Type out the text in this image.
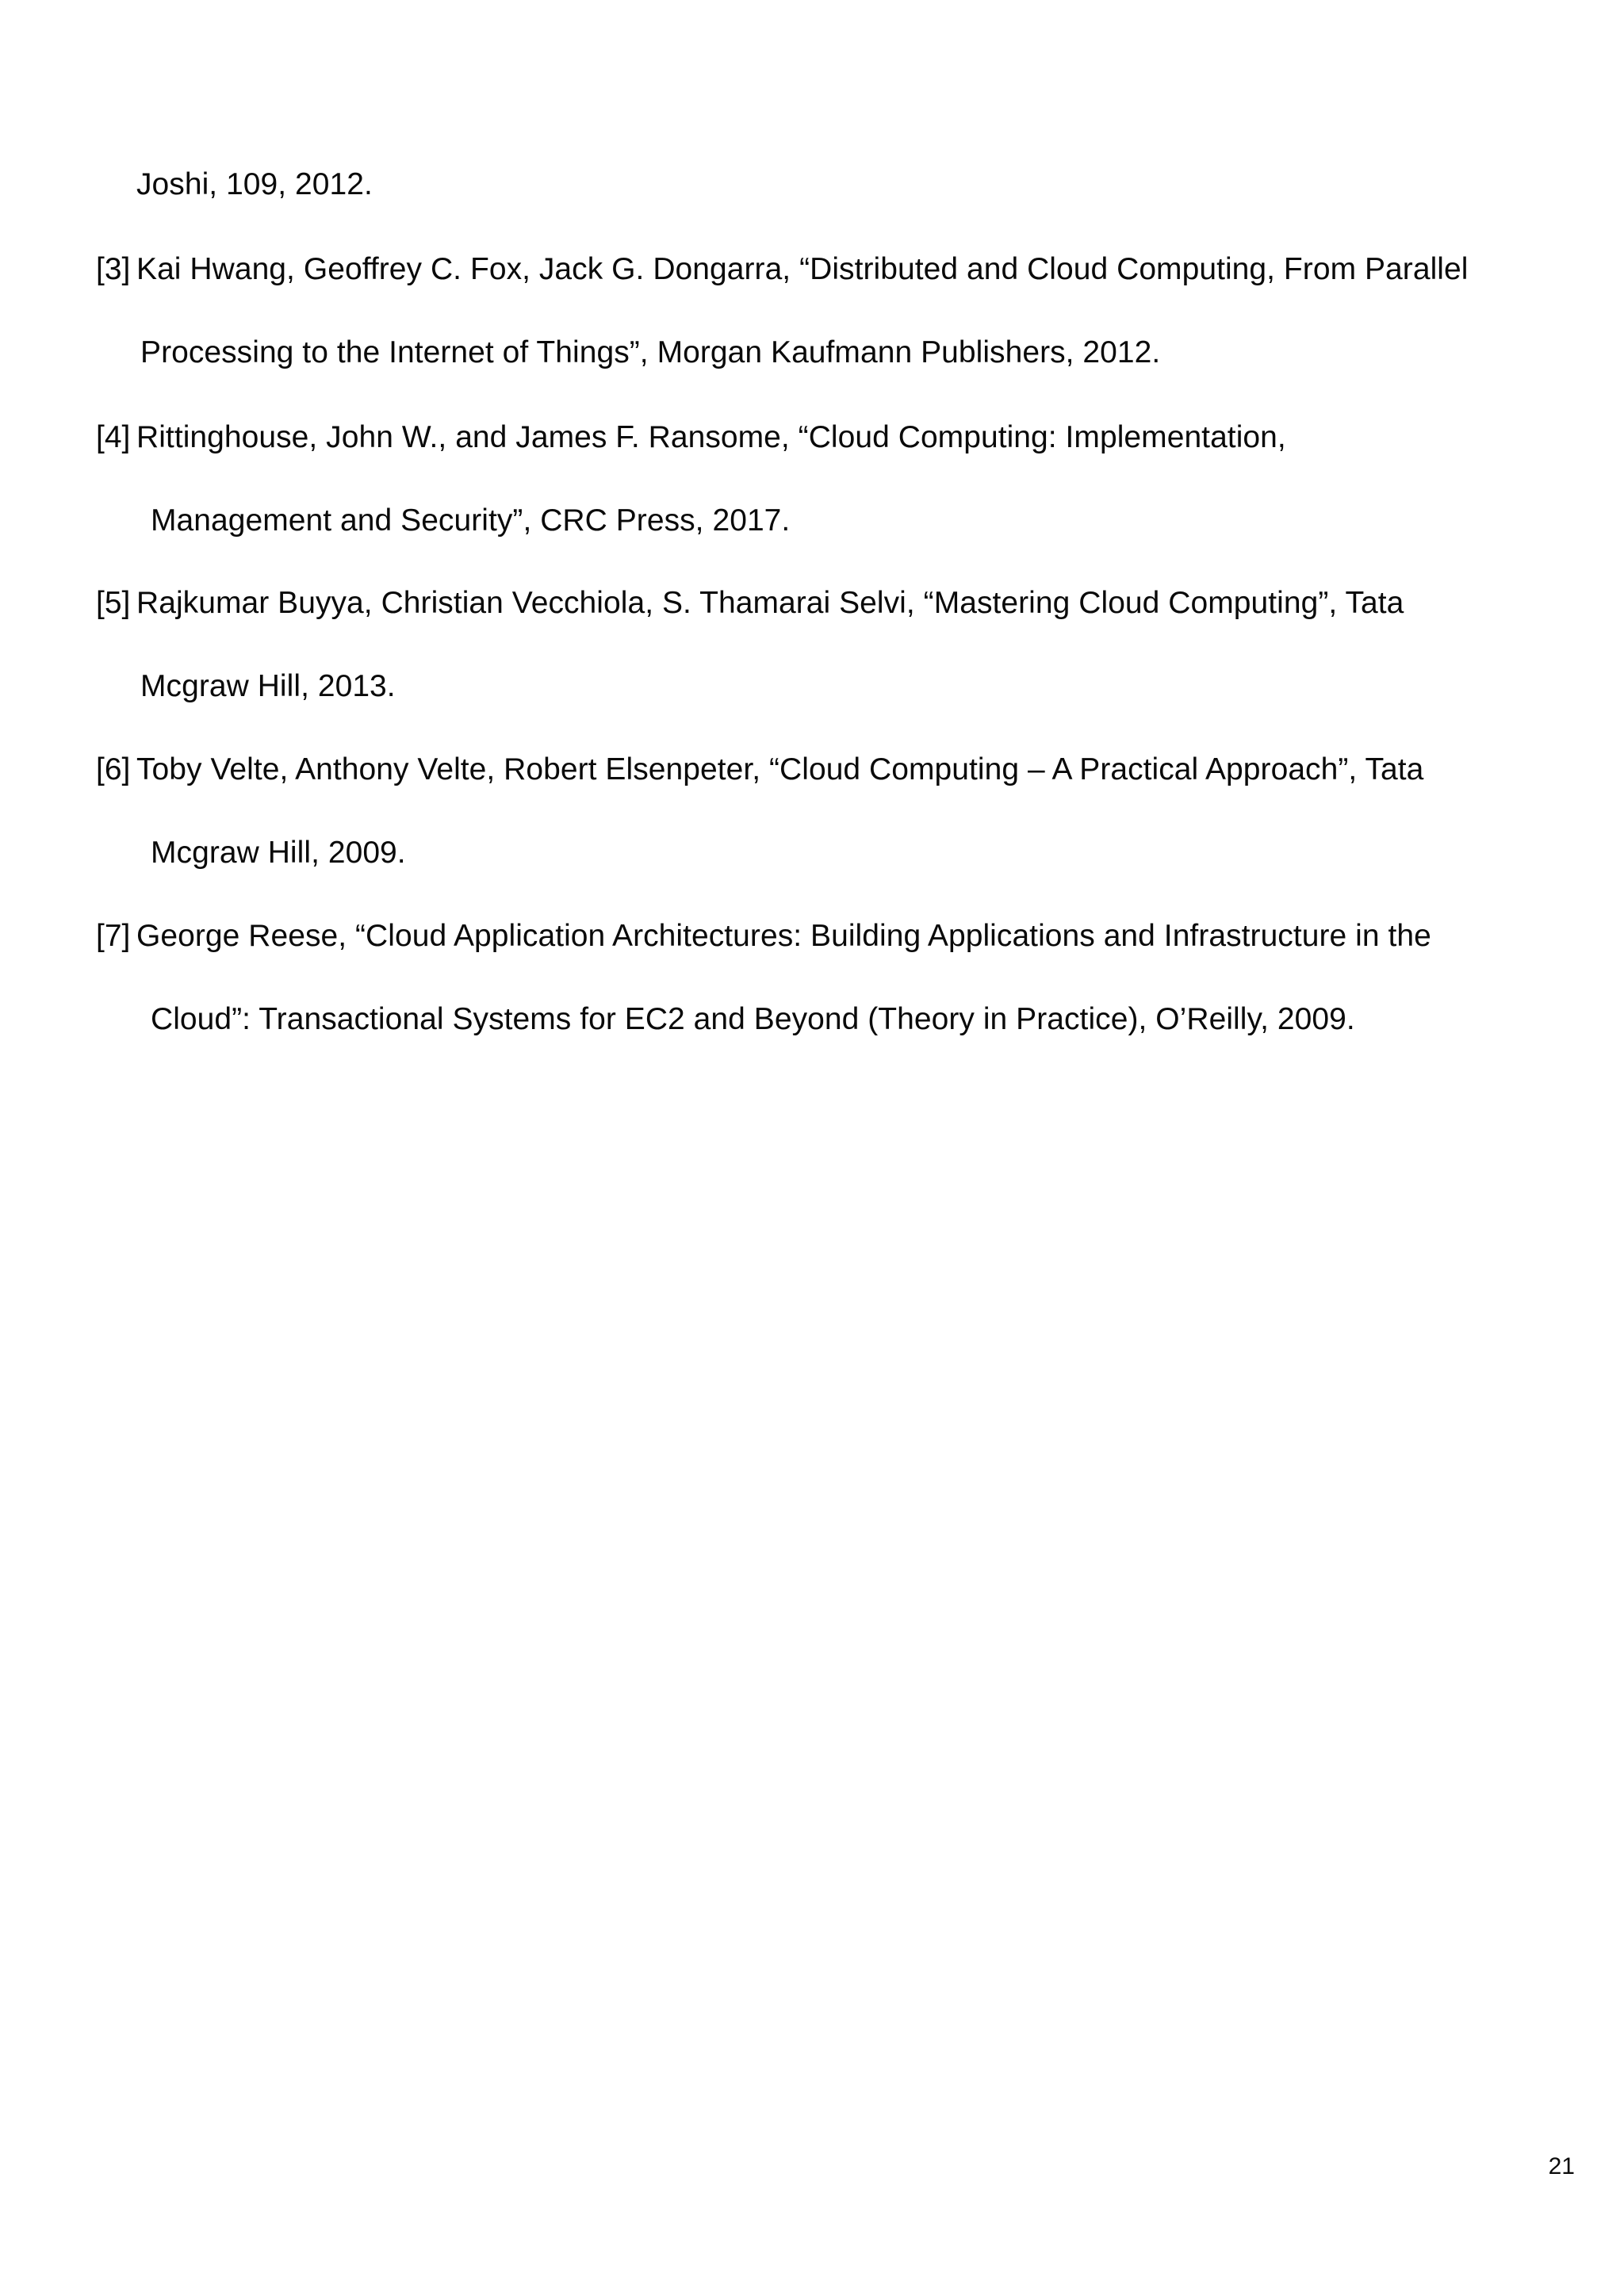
Joshi, 109, 2012.
[3] Kai Hwang, Geoffrey C. Fox, Jack G. Dongarra, “Distributed and Cloud Computing, From Parallel
Processing to the Internet of Things”, Morgan Kaufmann Publishers, 2012.
[4] Rittinghouse, John W., and James F. Ransome, “Cloud Computing: Implementation,
Management and Security”, CRC Press, 2017.
[5] Rajkumar Buyya, Christian Vecchiola, S. Thamarai Selvi, “Mastering Cloud Computing”, Tata
Mcgraw Hill, 2013.
[6] Toby Velte, Anthony Velte, Robert Elsenpeter, “Cloud Computing – A Practical Approach”, Tata
Mcgraw Hill, 2009.
[7] George Reese, “Cloud Application Architectures: Building Applications and Infrastructure in the
Cloud”: Transactional Systems for EC2 and Beyond (Theory in Practice), O’Reilly, 2009.
21
